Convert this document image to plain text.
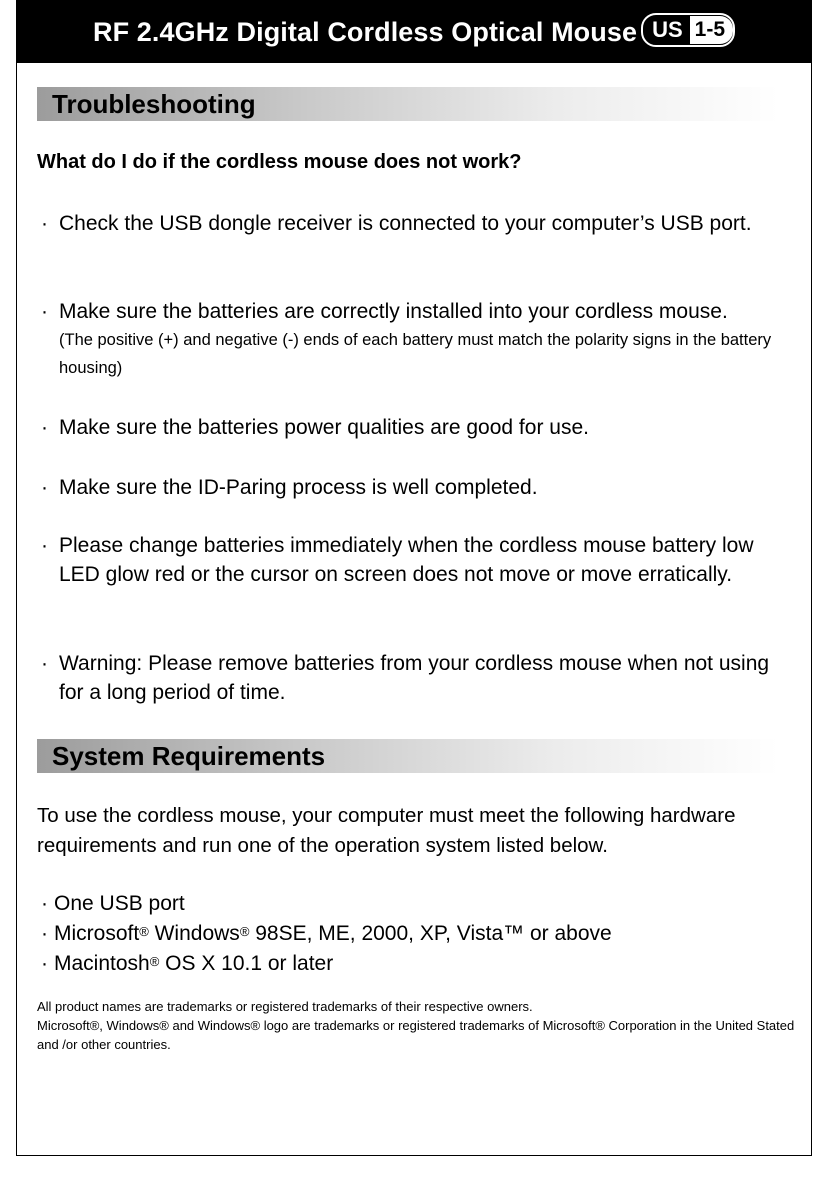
RF 2.4GHz Digital Cordless Optical Mouse US 1-5
Troubleshooting
What do I do if the cordless mouse does not work?
· Check the USB dongle receiver is connected to your computer’s USB port.
· Make sure the batteries are correctly installed into your cordless mouse.
(The positive (+) and negative (-) ends of each battery must match the polarity signs in the battery housing)
· Make sure the batteries power qualities are good for use.
· Make sure the ID-Paring process is well completed.
· Please change batteries immediately when the cordless mouse battery low LED glow red or the cursor on screen does not move or move erratically.
· Warning: Please remove batteries from your cordless mouse when not using for a long period of time.
System Requirements
To use the cordless mouse, your computer must meet the following hardware requirements and run one of the operation system listed below.
· One USB port
· Microsoft® Windows® 98SE, ME, 2000, XP, Vista™ or above
· Macintosh® OS X 10.1 or later
All product names are trademarks or registered trademarks of their respective owners.
Microsoft®, Windows® and Windows® logo are trademarks or registered trademarks of Microsoft® Corporation in the United Stated and /or other countries.
